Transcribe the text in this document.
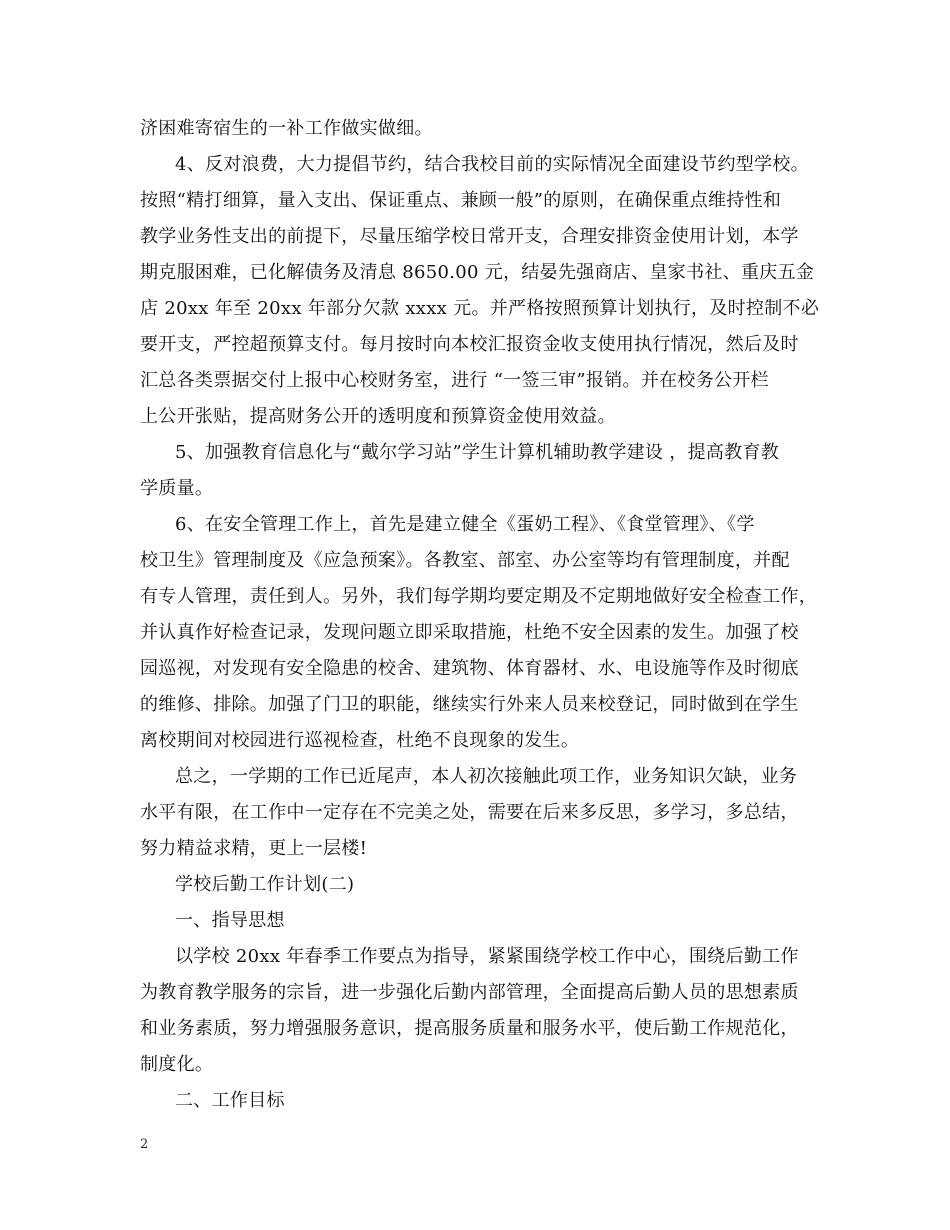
济困难寄宿生的一补工作做实做细。
4、反对浪费，大力提倡节约，结合我校目前的实际情况全面建设节约型学校。
按照“精打细算，量入支出、保证重点、兼顾一般”的原则，在确保重点维持性和
教学业务性支出的前提下，尽量压缩学校日常开支，合理安排资金使用计划，本学
期克服困难，已化解债务及清息 8650.00 元，结晏先强商店、皇家书社、重庆五金
店 20xx 年至 20xx 年部分欠款 xxxx 元。并严格按照预算计划执行，及时控制不必
要开支，严控超预算支付。每月按时向本校汇报资金收支使用执行情况，然后及时
汇总各类票据交付上报中心校财务室，进行 “一签三审”报销。并在校务公开栏
上公开张贴，提高财务公开的透明度和预算资金使用效益。
5、加强教育信息化与“戴尔学习站”学生计算机辅助教学建设 ，提高教育教
学质量。
6、在安全管理工作上，首先是建立健全《蛋奶工程》、《食堂管理》、《学
校卫生》管理制度及《应急预案》。各教室、部室、办公室等均有管理制度，并配
有专人管理，责任到人。另外，我们每学期均要定期及不定期地做好安全检查工作，
并认真作好检查记录，发现问题立即采取措施，杜绝不安全因素的发生。加强了校
园巡视，对发现有安全隐患的校舍、建筑物、体育器材、水、电设施等作及时彻底
的维修、排除。加强了门卫的职能，继续实行外来人员来校登记，同时做到在学生
离校期间对校园进行巡视检查，杜绝不良现象的发生。
总之，一学期的工作已近尾声，本人初次接触此项工作，业务知识欠缺，业务
水平有限，在工作中一定存在不完美之处，需要在后来多反思，多学习，多总结，
努力精益求精，更上一层楼!
学校后勤工作计划(二)
一、指导思想
以学校 20xx 年春季工作要点为指导，紧紧围绕学校工作中心，围绕后勤工作
为教育教学服务的宗旨，进一步强化后勤内部管理，全面提高后勤人员的思想素质
和业务素质，努力增强服务意识，提高服务质量和服务水平，使后勤工作规范化，
制度化。
二、工作目标
2
